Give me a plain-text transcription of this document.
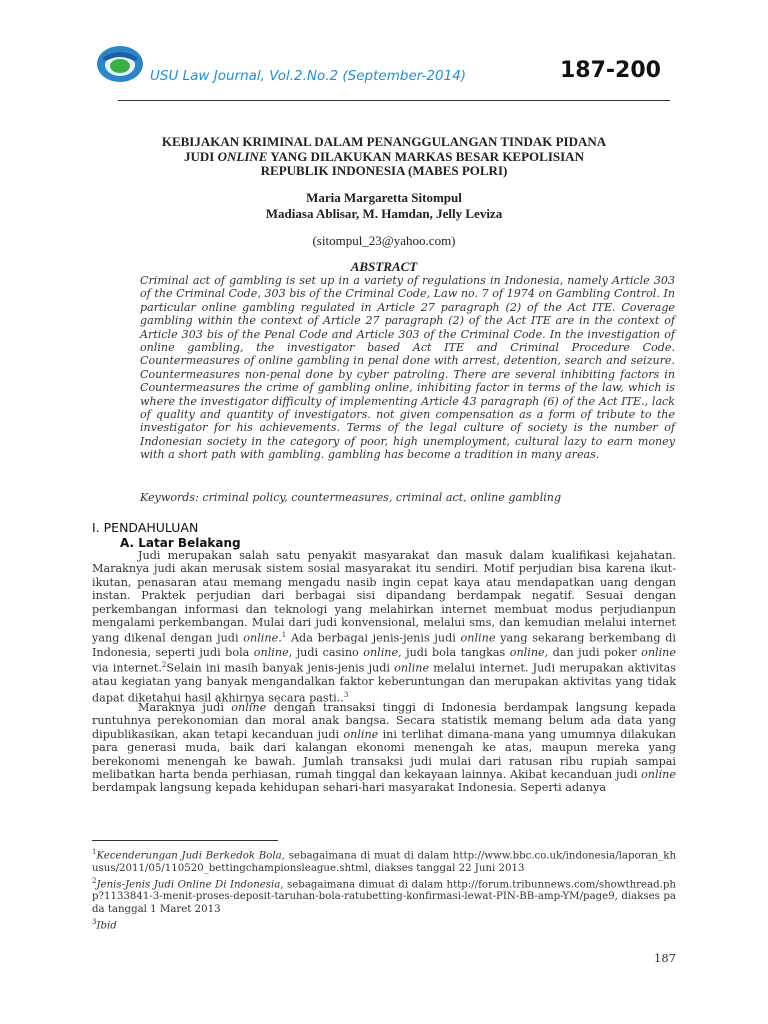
USU Law Journal, Vol.2.No.2 (September-2014)	187-200
KEBIJAKAN KRIMINAL DALAM PENANGGULANGAN TINDAK PIDANA
JUDI ONLINE YANG DILAKUKAN MARKAS BESAR KEPOLISIAN
REPUBLIK INDONESIA (MABES POLRI)
Maria Margaretta Sitompul
Madiasa Ablisar, M. Hamdan, Jelly Leviza
(sitompul_23@yahoo.com)
ABSTRACT
Criminal act of gambling is set up in a variety of regulations in Indonesia, namely Article 303 of the Criminal Code, 303 bis of the Criminal Code, Law no. 7 of 1974 on Gambling Control. In particular online gambling regulated in Article 27 paragraph (2) of the Act ITE. Coverage gambling within the context of Article 27 paragraph (2) of the Act ITE are in the context of Article 303 bis of the Penal Code and Article 303 of the Criminal Code. In the investigation of online gambling, the investigator based Act ITE and Criminal Procedure Code. Countermeasures of online gambling in penal done with arrest, detention, search and seizure. Countermeasures non-penal done by cyber patroling. There are several inhibiting factors in Countermeasures the crime of gambling online, inhibiting factor in terms of the law, which is where the investigator difficulty of implementing Article 43 paragraph (6) of the Act ITE., lack of quality and quantity of investigators. not given compensation as a form of tribute to the investigator for his achievements. Terms of the legal culture of society is the number of Indonesian society in the category of poor, high unemployment, cultural lazy to earn money with a short path with gambling. gambling has become a tradition in many areas.
Keywords: criminal policy, countermeasures, criminal act, online gambling
I. PENDAHULUAN
A. Latar Belakang

Judi merupakan salah satu penyakit masyarakat dan masuk dalam kualifikasi kejahatan. Maraknya judi akan merusak sistem sosial masyarakat itu sendiri. Motif perjudian bisa karena ikut-ikutan, penasaran atau memang mengadu nasib ingin cepat kaya atau mendapatkan uang dengan instan. Praktek perjudian dari berbagai sisi dipandang berdampak negatif. Sesuai dengan perkembangan informasi dan teknologi yang melahirkan internet membuat modus perjudianpun mengalami perkembangan. Mulai dari judi konvensional, melalui sms, dan kemudian melalui internet yang dikenal dengan judi online.$^1$ Ada berbagai jenis-jenis judi online yang sekarang berkembang di Indonesia, seperti judi bola online, judi casino online, judi bola tangkas online, dan judi poker online via internet.$^2$Selain ini masih banyak jenis-jenis judi online melalui internet. Judi merupakan aktivitas atau kegiatan yang banyak mengandalkan faktor keberuntungan dan merupakan aktivitas yang tidak dapat diketahui hasil akhirnya secara pasti..$^3$

Maraknya judi online dengan transaksi tinggi di Indonesia berdampak langsung kepada runtuhnya perekonomian dan moral anak bangsa. Secara statistik memang belum ada data yang dipublikasikan, akan tetapi kecanduan judi online ini terlihat dimana-mana yang umumnya dilakukan para generasi muda, baik dari kalangan ekonomi menengah ke atas, maupun mereka yang berekonomi menengah ke bawah. Jumlah transaksi judi mulai dari ratusan ribu rupiah sampai melibatkan harta benda perhiasan, rumah tinggal dan kekayaan lainnya. Akibat kecanduan judi online berdampak langsung kepada kehidupan sehari-hari masyarakat Indonesia. Seperti adanya

$^1$Kecenderungan Judi Berkedok Bola, sebagaimana di muat di dalam http://www.bbc.co.uk/indonesia/laporan_khusus/2011/05/110520_bettingchampionsleague.shtml, diakses tanggal 22 Juni 2013

$^2$Jenis-Jenis Judi Online Di Indonesia, sebagaimana dimuat di dalam http://forum.tribunnews.com/showthread.php?1133841-3-menit-proses-deposit-taruhan-bola-ratubetting-konfirmasi-lewat-PIN-BB-amp-YM/page9, diakses pada tanggal 1 Maret 2013

$^3$Ibid

187
